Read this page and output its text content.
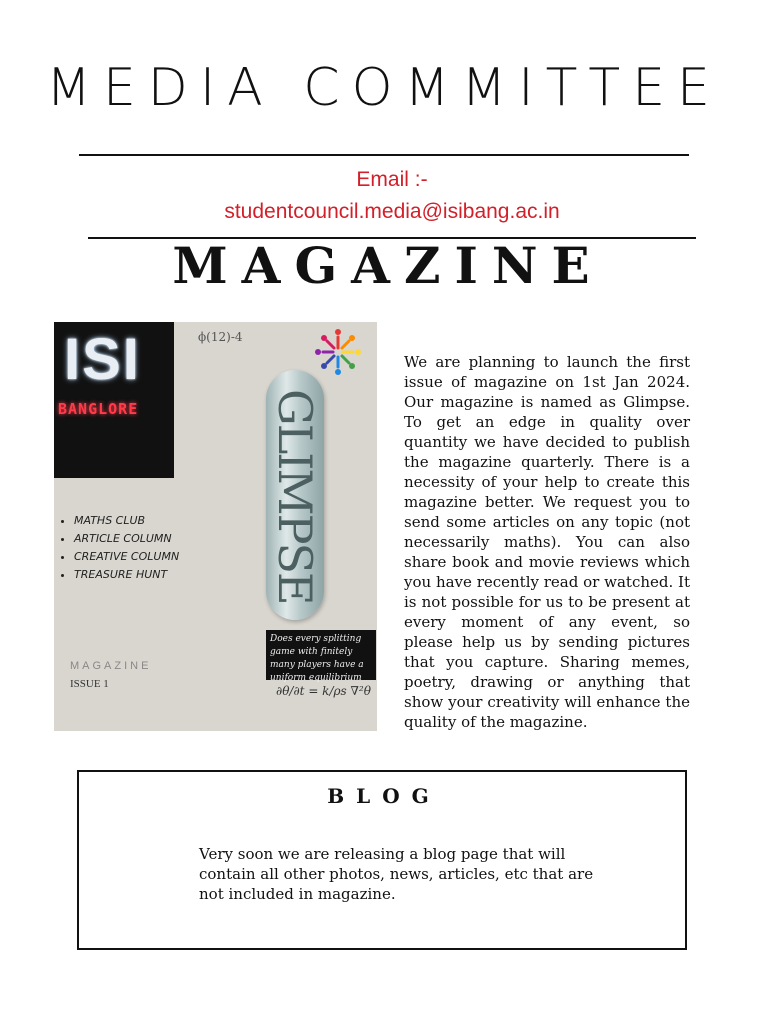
MEDIA COMMITTEE
Email :-
studentcouncil.media@isibang.ac.in
MAGAZINE
ISI
BANGLORE
ϕ(12)-4
GLIMPSE
• MATHS CLUB
• ARTICLE COLUMN
• CREATIVE COLUMN
• TREASURE HUNT
Does every splitting game with finitely many players have a uniform equilibrium
MAGAZINE
ISSUE 1	∂θ/∂t = k/ρs ∇²θ

We are planning to launch the first issue of magazine on 1st Jan 2024. Our magazine is named as Glimpse. To get an edge in quality over quantity we have decided to publish the magazine quarterly. There is a necessity of your help to create this magazine better. We request you to send some articles on any topic (not necessarily maths). You can also share book and movie reviews which you have recently read or watched. It is not possible for us to be present at every moment of any event, so please help us by sending pictures that you capture. Sharing memes, poetry, drawing or anything that show your creativity will enhance the quality of the magazine.

BLOG

Very soon we are releasing a blog page that will contain all other photos, news, articles, etc that are not included in magazine.
